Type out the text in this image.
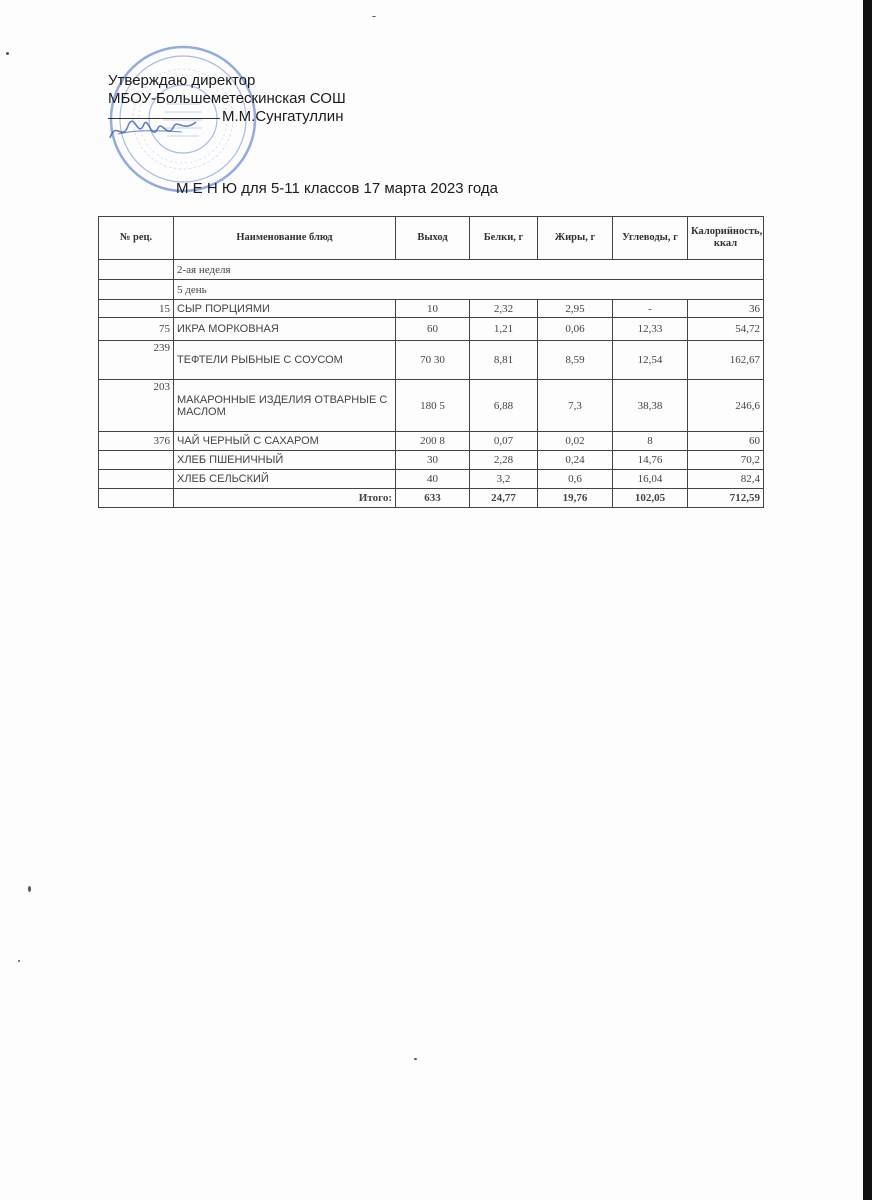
Утверждаю директор
МБОУ-Большеметескинская СОШ
М.М.Сунгатуллин
М Е Н Ю для 5-11 классов 17 марта 2023 года
№ рец.	Наименование блюд	Выход	Белки, г	Жиры, г	Углеводы, г	Калорийность, ккал
	2-ая неделя					
	5 день					
15	СЫР ПОРЦИЯМИ	10	2,32	2,95	-	36
75	ИКРА МОРКОВНАЯ	60	1,21	0,06	12,33	54,72
239	ТЕФТЕЛИ РЫБНЫЕ С СОУСОМ	70 30	8,81	8,59	12,54	162,67
203	МАКАРОННЫЕ ИЗДЕЛИЯ ОТВАРНЫЕ С МАСЛОМ	180 5	6,88	7,3	38,38	246,6
376	ЧАЙ ЧЕРНЫЙ С САХАРОМ	200 8	0,07	0,02	8	60
	ХЛЕБ ПШЕНИЧНЫЙ	30	2,28	0,24	14,76	70,2
	ХЛЕБ СЕЛЬСКИЙ	40	3,2	0,6	16,04	82,4
	Итого:	633	24,77	19,76	102,05	712,59
